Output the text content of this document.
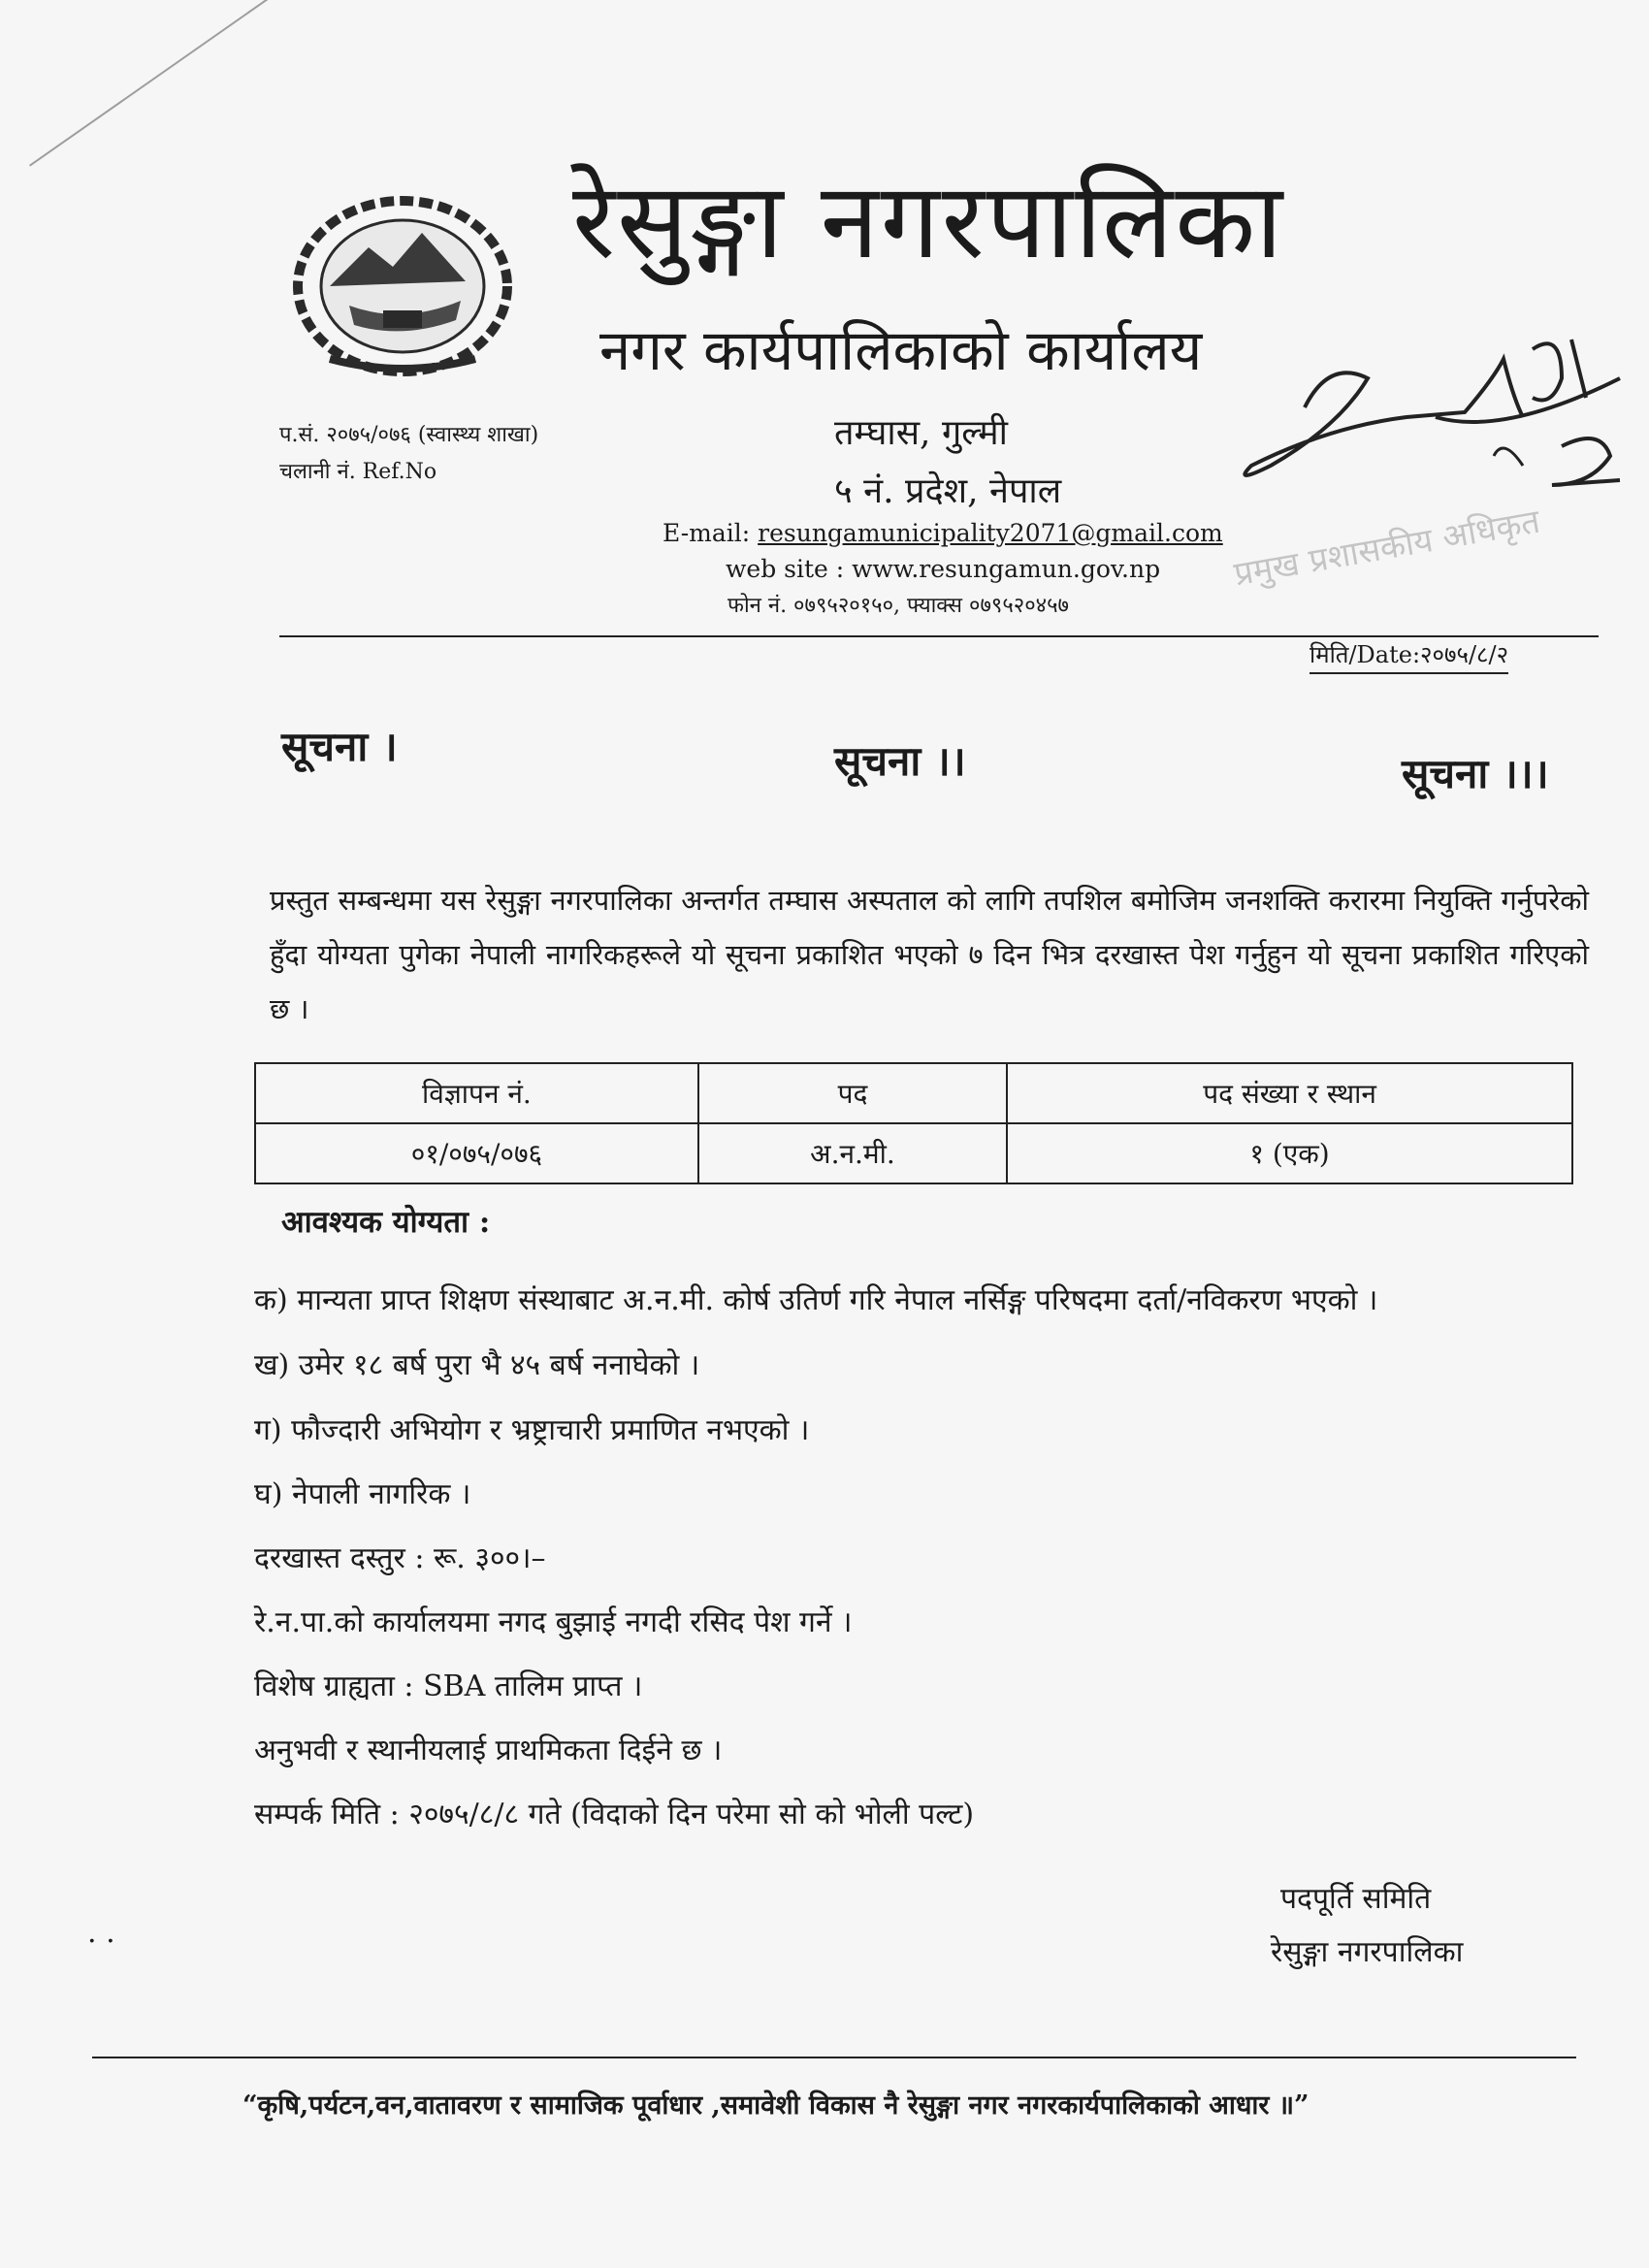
रेसुङ्गा नगरपालिका
नगर कार्यपालिकाको कार्यालय
प.सं. २०७५/०७६ (स्वास्थ्य शाखा)
चलानी नं. Ref.No
तम्घास, गुल्मी
५ नं. प्रदेश, नेपाल
E-mail: resungamunicipality2071@gmail.com
web site : www.resungamun.gov.np
फोन नं. ०७९५२०१५०, फ्याक्स ०७९५२०४५७
प्रमुख प्रशासकीय अधिकृत
मिति/Date:२०७५/८/२
सूचना ।	सूचना ।।	सूचना ।।।
प्रस्तुत सम्बन्धमा यस रेसुङ्गा नगरपालिका अन्तर्गत तम्घास अस्पताल को लागि तपशिल बमोजिम जनशक्ति करारमा नियुक्ति गर्नुपरेको हुँदा योग्यता पुगेका नेपाली नागरिकहरूले यो सूचना प्रकाशित भएको ७ दिन भित्र दरखास्त पेश गर्नुहुन यो सूचना प्रकाशित गरिएको छ ।
विज्ञापन नं.	पद	पद संख्या र स्थान
०१/०७५/०७६	अ.न.मी.	१ (एक)
आवश्यक योग्यता :
क) मान्यता प्राप्त शिक्षण संस्थाबाट अ.न.मी. कोर्ष उतिर्ण गरि नेपाल नर्सिङ्ग परिषदमा दर्ता/नविकरण भएको ।
ख) उमेर १८ बर्ष पुरा भै ४५ बर्ष ननाघेको ।
ग) फौज्दारी अभियोग र भ्रष्ट्राचारी प्रमाणित नभएको ।
घ) नेपाली नागरिक ।
दरखास्त दस्तुर : रू. ३००।–
रे.न.पा.को कार्यालयमा नगद बुझाई नगदी रसिद पेश गर्ने ।
विशेष ग्राह्यता : SBA तालिम प्राप्त ।
अनुभवी र स्थानीयलाई प्राथमिकता दिईने छ ।
सम्पर्क मिति : २०७५/८/८ गते (विदाको दिन परेमा सो को भोली पल्ट)
पदपूर्ति समिति
रेसुङ्गा नगरपालिका
. .
“कृषि,पर्यटन,वन,वातावरण र सामाजिक पूर्वाधार ,समावेशी विकास नै रेसुङ्गा नगर नगरकार्यपालिकाको आधार ॥”
